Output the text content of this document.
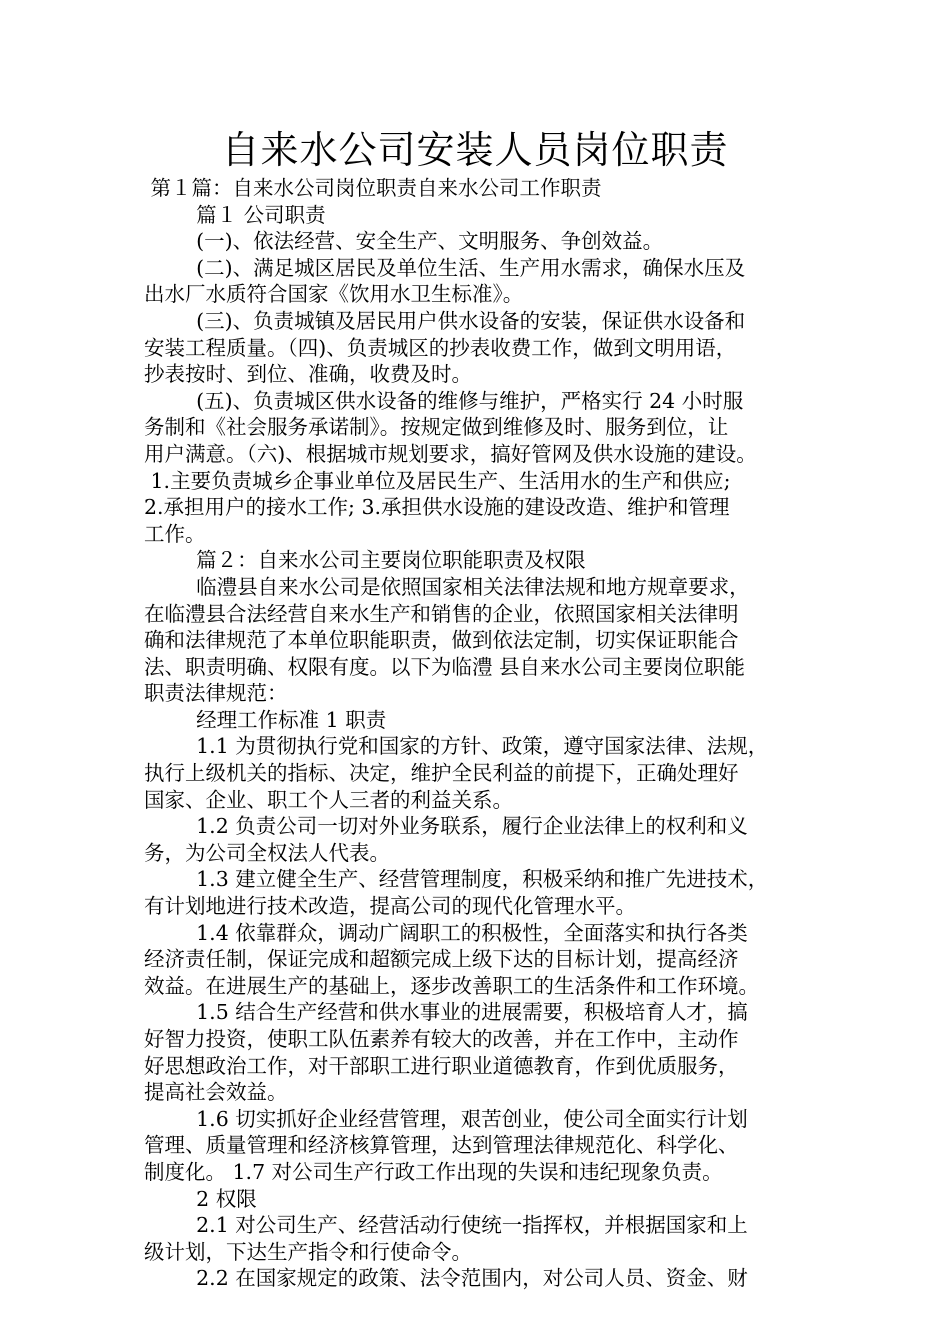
自来水公司安装人员岗位职责
第１篇：自来水公司岗位职责自来水公司工作职责
篇１ 公司职责
(一)、依法经营、安全生产、文明服务、争创效益。
(二)、满足城区居民及单位生活、生产用水需求，确保水压及
出水厂水质符合国家《饮用水卫生标准》。
(三)、负责城镇及居民用户供水设备的安装，保证供水设备和
安装工程质量。（四)、负责城区的抄表收费工作，做到文明用语，
抄表按时、到位、准确，收费及时。
(五)、负责城区供水设备的维修与维护，严格实行 24 小时服
务制和《社会服务承诺制》。按规定做到维修及时、服务到位，让
用户满意。（六)、根据城市规划要求，搞好管网及供水设施的建设。
1.主要负责城乡企事业单位及居民生产、生活用水的生产和供应;
2.承担用户的接水工作; 3.承担供水设施的建设改造、维护和管理
工作。
篇２：自来水公司主要岗位职能职责及权限
临澧县自来水公司是依照国家相关法律法规和地方规章要求，
在临澧县合法经营自来水生产和销售的企业，依照国家相关法律明
确和法律规范了本单位职能职责，做到依法定制，切实保证职能合
法、职责明确、权限有度。以下为临澧 县自来水公司主要岗位职能
职责法律规范：
经理工作标准 1 职责
1.1 为贯彻执行党和国家的方针、政策，遵守国家法律、法规，
执行上级机关的指标、决定，维护全民利益的前提下，正确处理好
国家、企业、职工个人三者的利益关系。
1.2 负责公司一切对外业务联系，履行企业法律上的权利和义
务，为公司全权法人代表。
1.3 建立健全生产、经营管理制度，积极采纳和推广先进技术，
有计划地进行技术改造，提高公司的现代化管理水平。
1.4 依靠群众，调动广阔职工的积极性，全面落实和执行各类
经济责任制，保证完成和超额完成上级下达的目标计划，提高经济
效益。在进展生产的基础上，逐步改善职工的生活条件和工作环境。
1.5 结合生产经营和供水事业的进展需要，积极培育人才，搞
好智力投资，使职工队伍素养有较大的改善，并在工作中，主动作
好思想政治工作，对干部职工进行职业道德教育，作到优质服务，
提高社会效益。
1.6 切实抓好企业经营管理，艰苦创业，使公司全面实行计划
管理、质量管理和经济核算管理，达到管理法律规范化、科学化、
制度化。 1.7 对公司生产行政工作出现的失误和违纪现象负责。
2 权限
2.1 对公司生产、经营活动行使统一指挥权，并根据国家和上
级计划，下达生产指令和行使命令。
2.2 在国家规定的政策、法令范围内，对公司人员、资金、财
